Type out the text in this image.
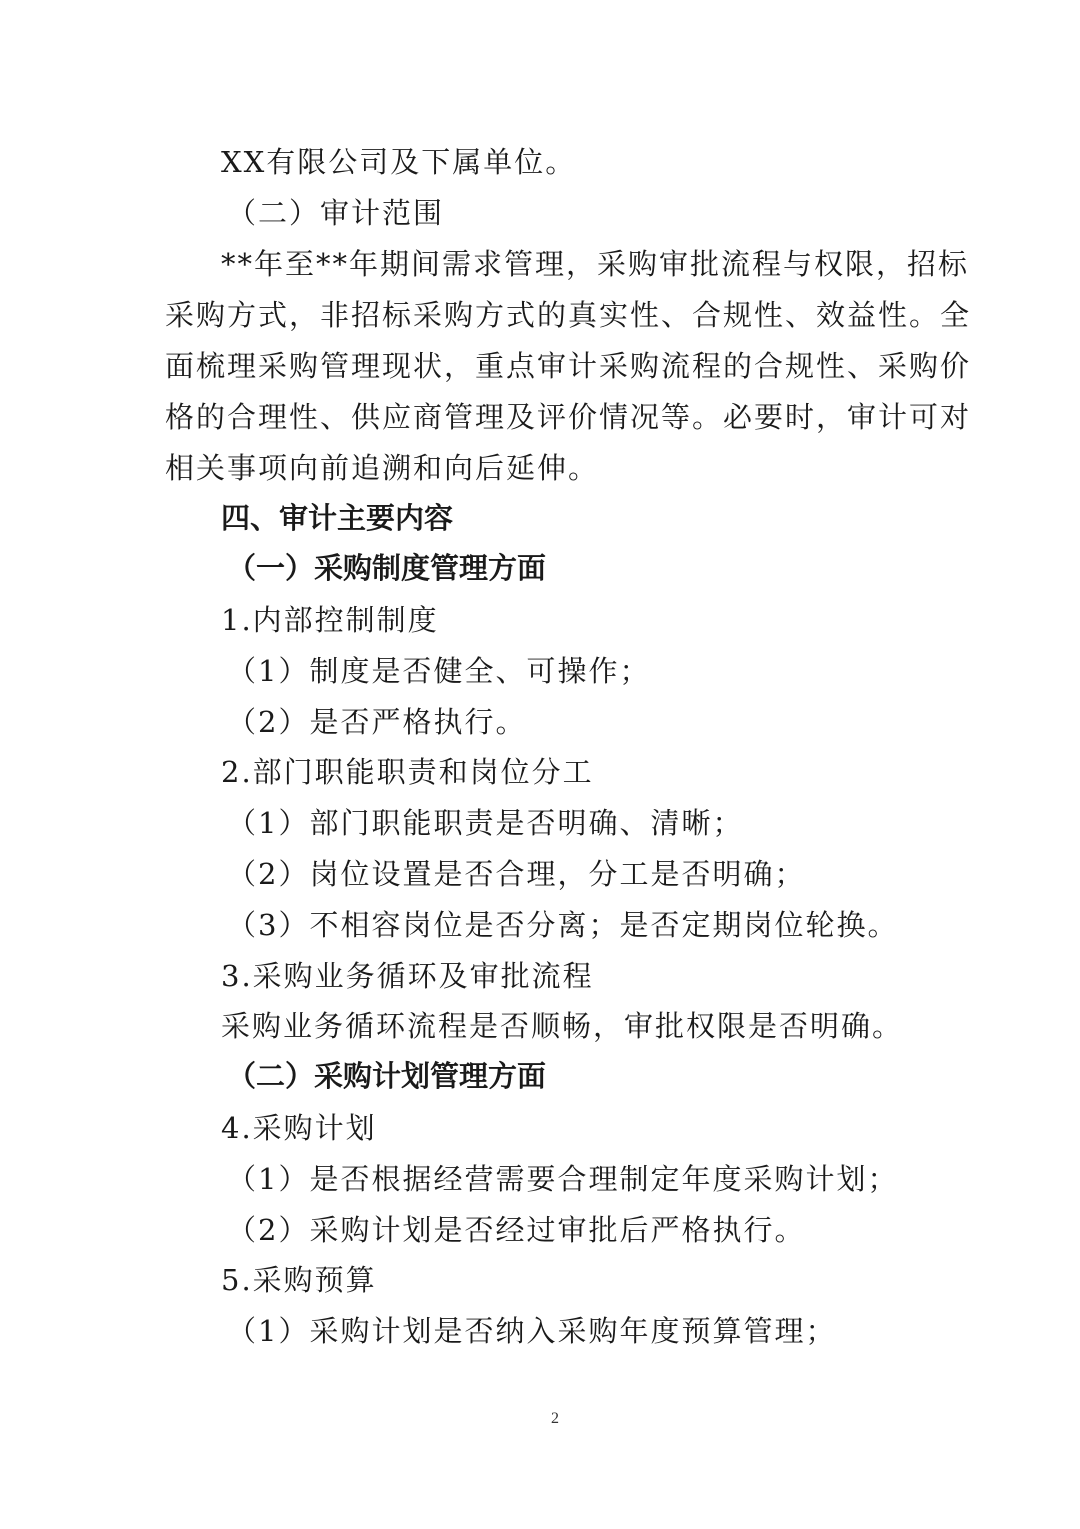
XX有限公司及下属单位。
（二）审计范围
**年至**年期间需求管理，采购审批流程与权限，招标
采购方式，非招标采购方式的真实性、合规性、效益性。全
面梳理采购管理现状，重点审计采购流程的合规性、采购价
格的合理性、供应商管理及评价情况等。必要时，审计可对
相关事项向前追溯和向后延伸。
四、审计主要内容
（一）采购制度管理方面
1.内部控制制度
（1）制度是否健全、可操作；
（2）是否严格执行。
2.部门职能职责和岗位分工
（1）部门职能职责是否明确、清晰；
（2）岗位设置是否合理，分工是否明确；
（3）不相容岗位是否分离；是否定期岗位轮换。
3.采购业务循环及审批流程
采购业务循环流程是否顺畅，审批权限是否明确。
（二）采购计划管理方面
4.采购计划
（1）是否根据经营需要合理制定年度采购计划；
（2）采购计划是否经过审批后严格执行。
5.采购预算
（1）采购计划是否纳入采购年度预算管理；
2
